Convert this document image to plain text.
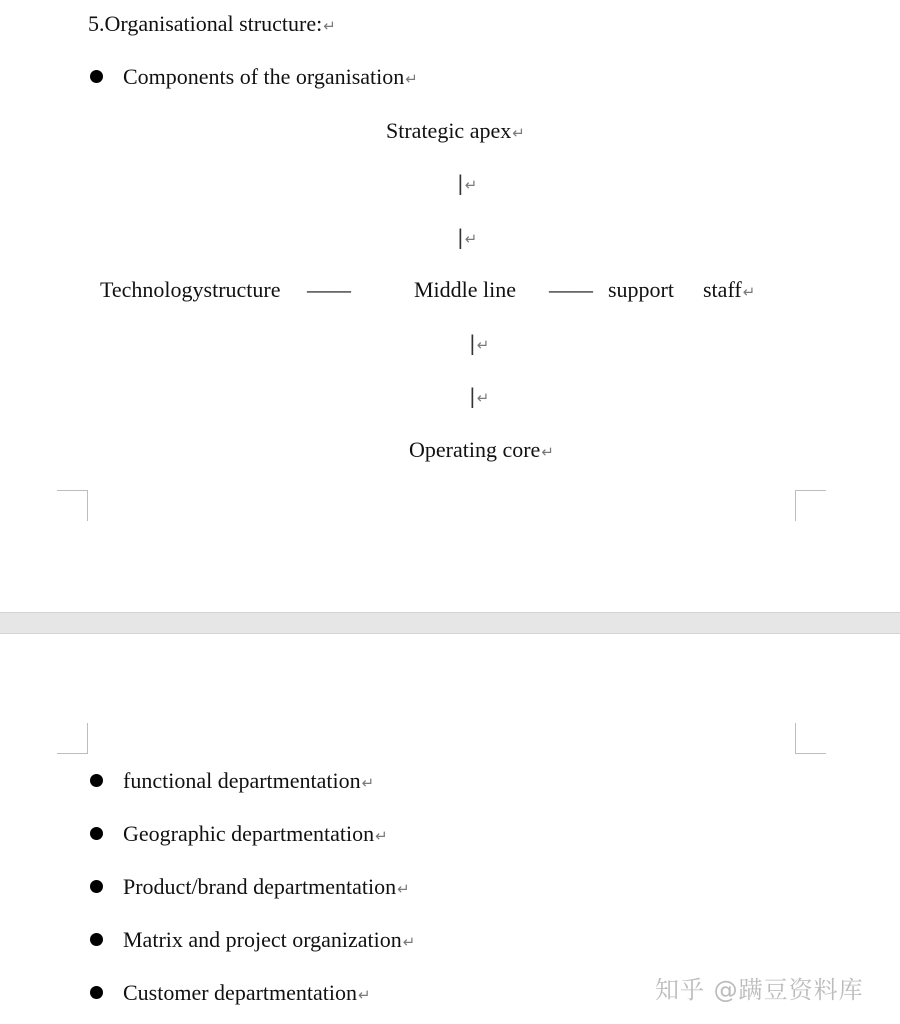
5.Organisational structure:↵
Components of the organisation↵
Strategic apex↵
|↵
|↵
Technologystructure ——	Middle line —— support staff↵
|↵
|↵
Operating core↵
functional departmentation↵
Geographic departmentation↵
Product/brand departmentation↵
Matrix and project organization↵
Customer departmentation↵	知乎 @蹒豆资料库
